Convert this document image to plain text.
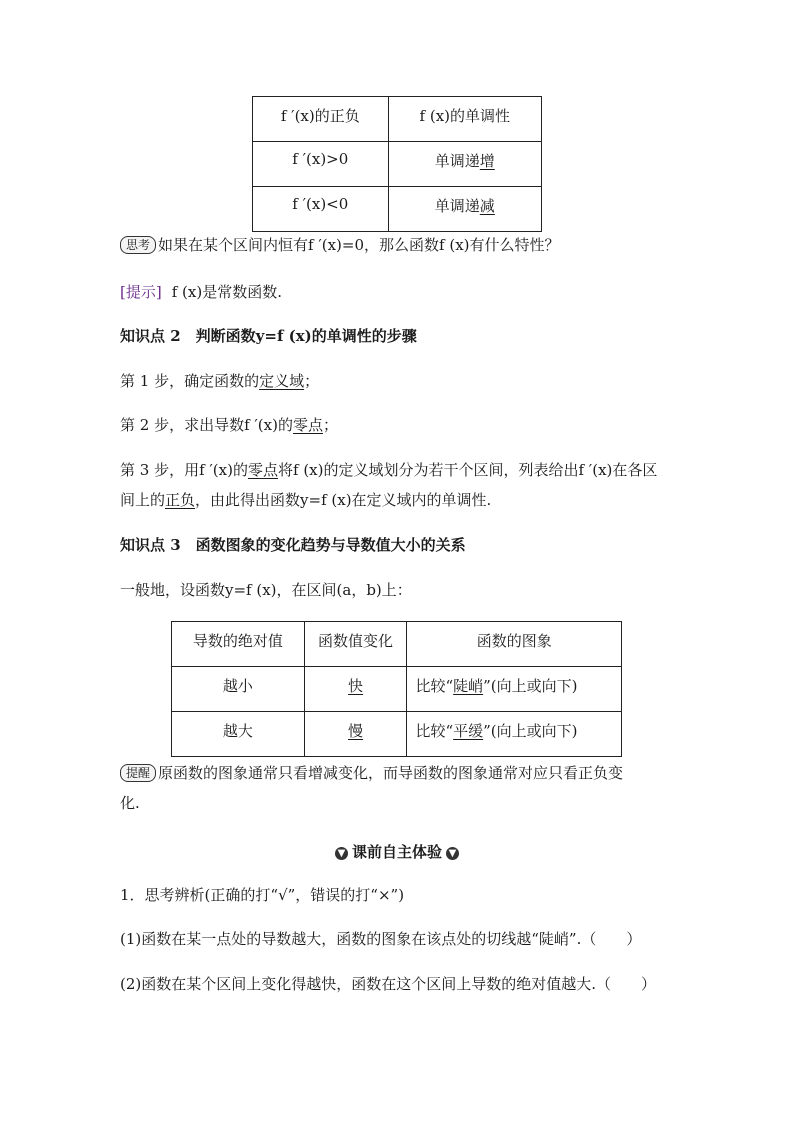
f ′(x)的正负	f (x)的单调性
f ′(x)>0	单调递增
f ′(x)<0	单调递减
思考 如果在某个区间内恒有f ′(x)=0，那么函数f (x)有什么特性？
[提示] f (x)是常数函数.
知识点 2　判断函数y=f (x)的单调性的步骤
第 1 步，确定函数的定义域；
第 2 步，求出导数f ′(x)的零点；
第 3 步，用f ′(x)的零点将f (x)的定义域划分为若干个区间，列表给出f ′(x)在各区
间上的正负，由此得出函数y=f (x)在定义域内的单调性.
知识点 3　函数图象的变化趋势与导数值大小的关系
一般地，设函数y=f (x)，在区间(a，b)上：
导数的绝对值	函数值变化	函数的图象
越小	快	比较“陡峭”(向上或向下)
越大	慢	比较“平缓”(向上或向下)
提醒 原函数的图象通常只看增减变化，而导函数的图象通常对应只看正负变
化.
▼ 课前自主体验 ▼
1．思考辨析(正确的打“√”，错误的打“×”)
(1)函数在某一点处的导数越大，函数的图象在该点处的切线越“陡峭”.（　　）
(2)函数在某个区间上变化得越快，函数在这个区间上导数的绝对值越大.（　　）
